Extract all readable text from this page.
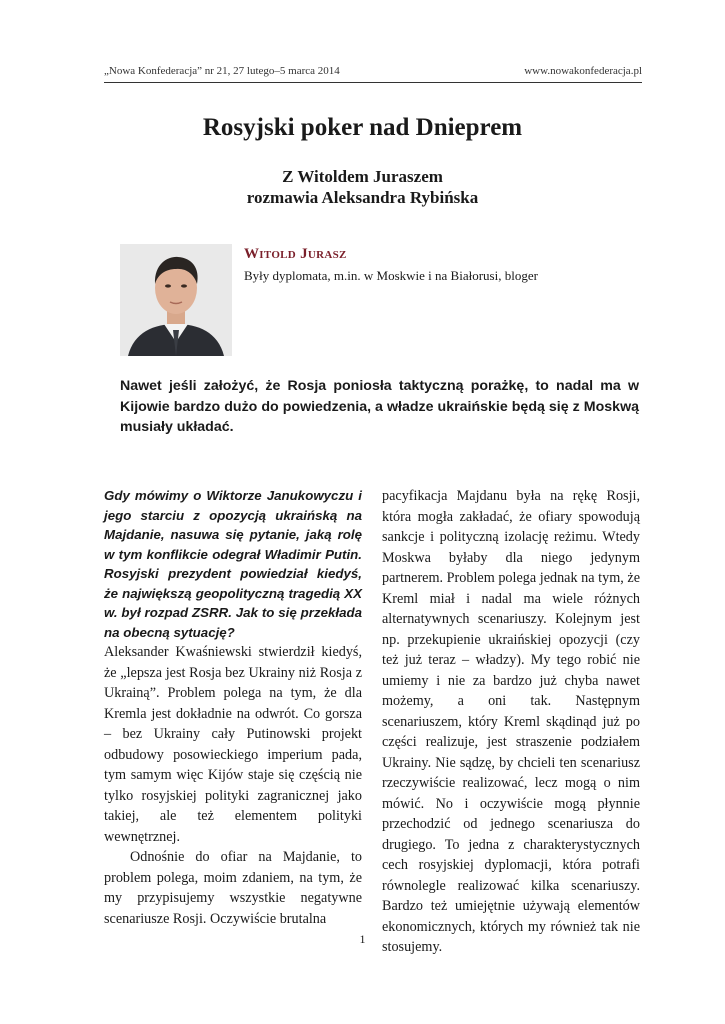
„Nowa Konfederacja” nr 21, 27 lutego–5 marca 2014	www.nowakonfederacja.pl
Rosyjski poker nad Dnieprem
Z Witoldem Juraszem
rozmawia Aleksandra Rybińska
Witold Jurasz
Były dyplomata, m.in. w Moskwie i na Białorusi, bloger
Nawet jeśli założyć, że Rosja poniosła taktyczną porażkę, to nadal ma w Kijowie bardzo dużo do powiedzenia, a władze ukraińskie będą się z Moskwą musiały układać.

Gdy mówimy o Wiktorze Janukowyczu i jego starciu z opozycją ukraińską na Majdanie, nasuwa się pytanie, jaką rolę w tym konflikcie odegrał Władimir Putin. Rosyjski prezydent powiedział kiedyś, że największą geopolityczną tragedią XX w. był rozpad ZSRR. Jak to się przekłada na obecną sytuację?

Aleksander Kwaśniewski stwierdził kiedyś, że „lepsza jest Rosja bez Ukrainy niż Rosja z Ukrainą”. Problem polega na tym, że dla Kremla jest dokładnie na odwrót. Co gorsza – bez Ukrainy cały Putinowski projekt odbudowy posowieckiego imperium pada, tym samym więc Kijów staje się częścią nie tylko rosyjskiej polityki zagranicznej jako takiej, ale też elementem polityki wewnętrznej.

Odnośnie do ofiar na Majdanie, to problem polega, moim zdaniem, na tym, że my przypisujemy wszystkie negatywne scenariusze Rosji. Oczywiście brutalna

pacyfikacja Majdanu była na rękę Rosji, która mogła zakładać, że ofiary spowodują sankcje i polityczną izolację reżimu. Wtedy Moskwa byłaby dla niego jedynym partnerem. Problem polega jednak na tym, że Kreml miał i nadal ma wiele różnych alternatywnych scenariuszy. Kolejnym jest np. przekupienie ukraińskiej opozycji (czy też już teraz – władzy). My tego robić nie umiemy i nie za bardzo już chyba nawet możemy, a oni tak. Następnym scenariuszem, który Kreml skądinąd już po części realizuje, jest straszenie podziałem Ukrainy. Nie sądzę, by chcieli ten scenariusz rzeczywiście realizować, lecz mogą o nim mówić. No i oczywiście mogą płynnie przechodzić od jednego scenariusza do drugiego. To jedna z charakterystycznych cech rosyjskiej dyplomacji, która potrafi równolegle realizować kilka scenariuszy. Bardzo też umiejętnie używają elementów ekonomicznych, których my również tak nie stosujemy.

1
